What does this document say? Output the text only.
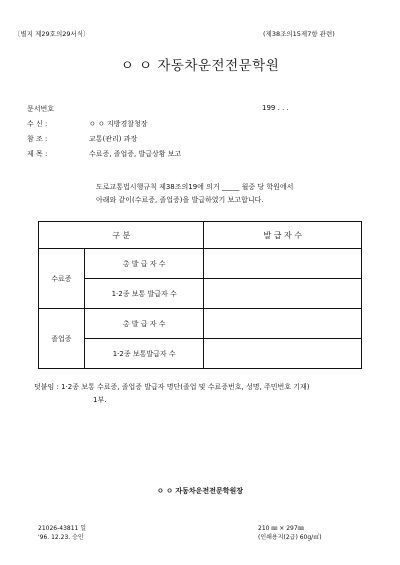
〔별지 제29호의29서식〕	(제38조의15제7항 관련)
ㅇ ㅇ 자동차운전전문학원
문서번호	199 . . .
수 신 :	ㅇ ㅇ 지방경찰청장
참 조 :	교통(관리) 과장
제 목 :	수료증, 졸업증, 발급상황 보고
도로교통법시행규칙 제38조의19에 의거 _____ 월중 당 학원에서
아래와 같이(수료증, 졸업증)을 발급하였기 보고합니다.
구 분		발 급 자 수
수료증	총 발 급 자 수	
	1·2종 보통 발급자 수	
졸업증	총 발 급 자 수	
	1·2종 보통발급자 수	
덧붙임 : 1·2종 보통 수료증, 졸업증 발급자 명단(졸업 및 수료증번호, 성명, 주민번호 기재)
1부.
ㅇ ㅇ 자동차운전전문학원장
21026-43811 일
'96. 12.23. 승인
210 ㎜ × 297㎜
(인쇄용지(2급) 60g/㎡)
